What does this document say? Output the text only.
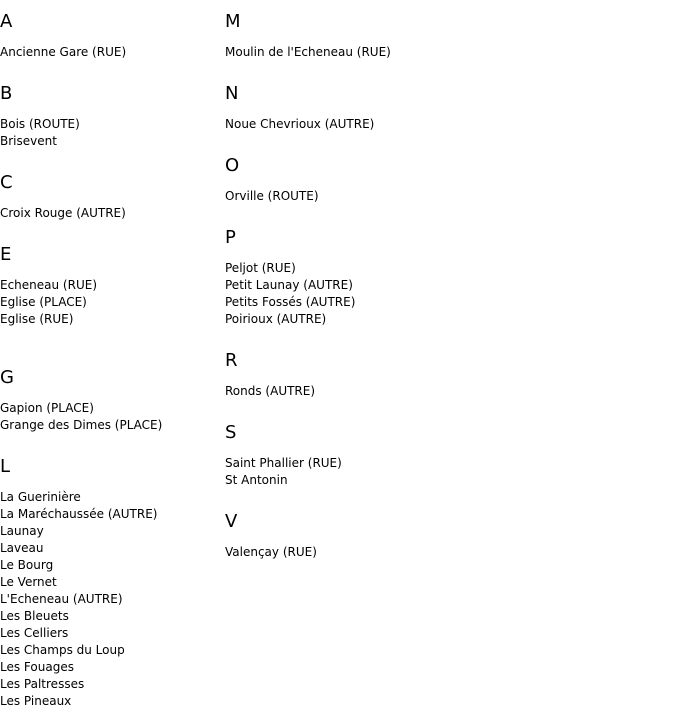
A
Ancienne Gare (RUE)
B
Bois (ROUTE)
Brisevent
C
Croix Rouge (AUTRE)
E
Echeneau (RUE)
Eglise (PLACE)
Eglise (RUE)
G
Gapion (PLACE)
Grange des Dimes (PLACE)
L
La Guerinière
La Maréchaussée (AUTRE)
Launay
Laveau
Le Bourg
Le Vernet
L'Echeneau (AUTRE)
Les Bleuets
Les Celliers
Les Champs du Loup
Les Fouages
Les Paltresses
Les Pineaux
M
Moulin de l'Echeneau (RUE)
N
Noue Chevrioux (AUTRE)
O
Orville (ROUTE)
P
Peljot (RUE)
Petit Launay (AUTRE)
Petits Fossés (AUTRE)
Poirioux (AUTRE)
R
Ronds (AUTRE)
S
Saint Phallier (RUE)
St Antonin
V
Valençay (RUE)
